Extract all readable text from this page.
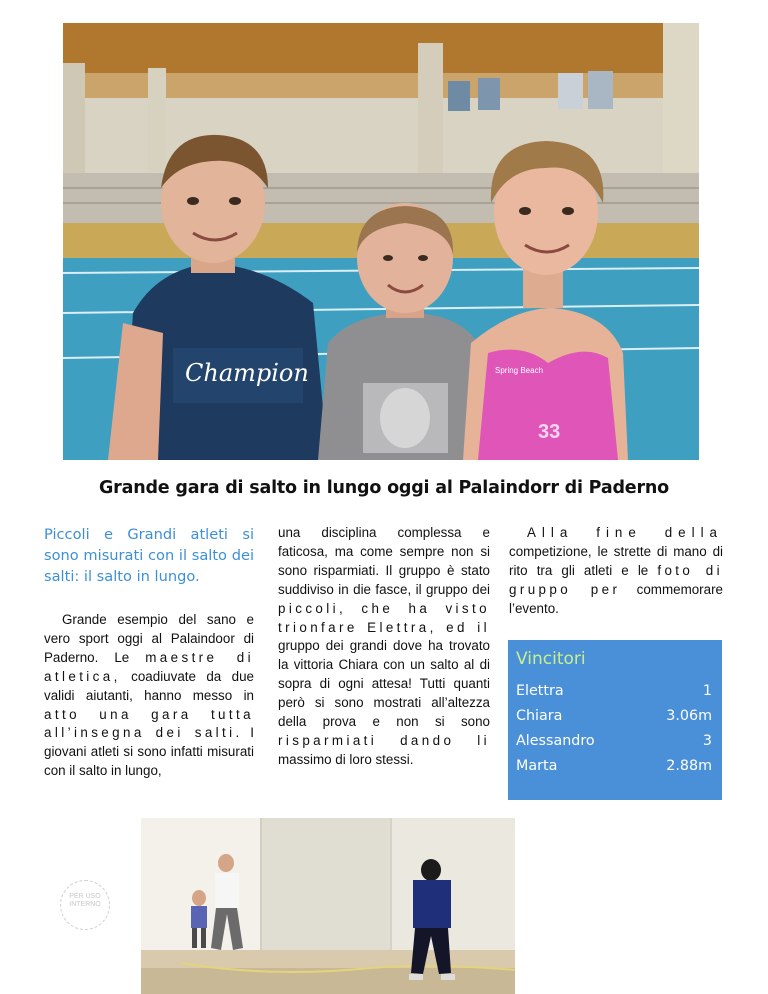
Champion	Spring Beach
33
Grande gara di salto in lungo oggi al Palaindorr di Paderno

Piccoli e Grandi atleti si sono misurati con il salto dei salti: il salto in lungo.

Grande esempio del sano e vero sport oggi al Palaindoor di Paderno. Le maestre di atletica, coadiuvate da due validi aiutanti, hanno messo in atto una gara tutta all’insegna dei salti. I giovani atleti si sono infatti misurati con il salto in lungo,

una disciplina complessa e faticosa, ma come sempre non si sono risparmiati. Il gruppo è stato suddiviso in die fasce, il gruppo dei piccoli, che ha visto trionfare Elettra, ed il gruppo dei grandi dove ha trovato la vittoria Chiara con un salto al di sopra di ogni attesa! Tutti quanti però si sono mostrati all’altezza della prova e non si sono risparmiati dando li massimo di loro stessi.

Alla fine della competizione, le strette di mano di rito tra gli atleti e le foto di gruppo per commemorare l’evento.

Vincitori
Elettra	1
Chiara	3.06m
Alessandro	3
Marta	2.88m
PER USO INTERNO
